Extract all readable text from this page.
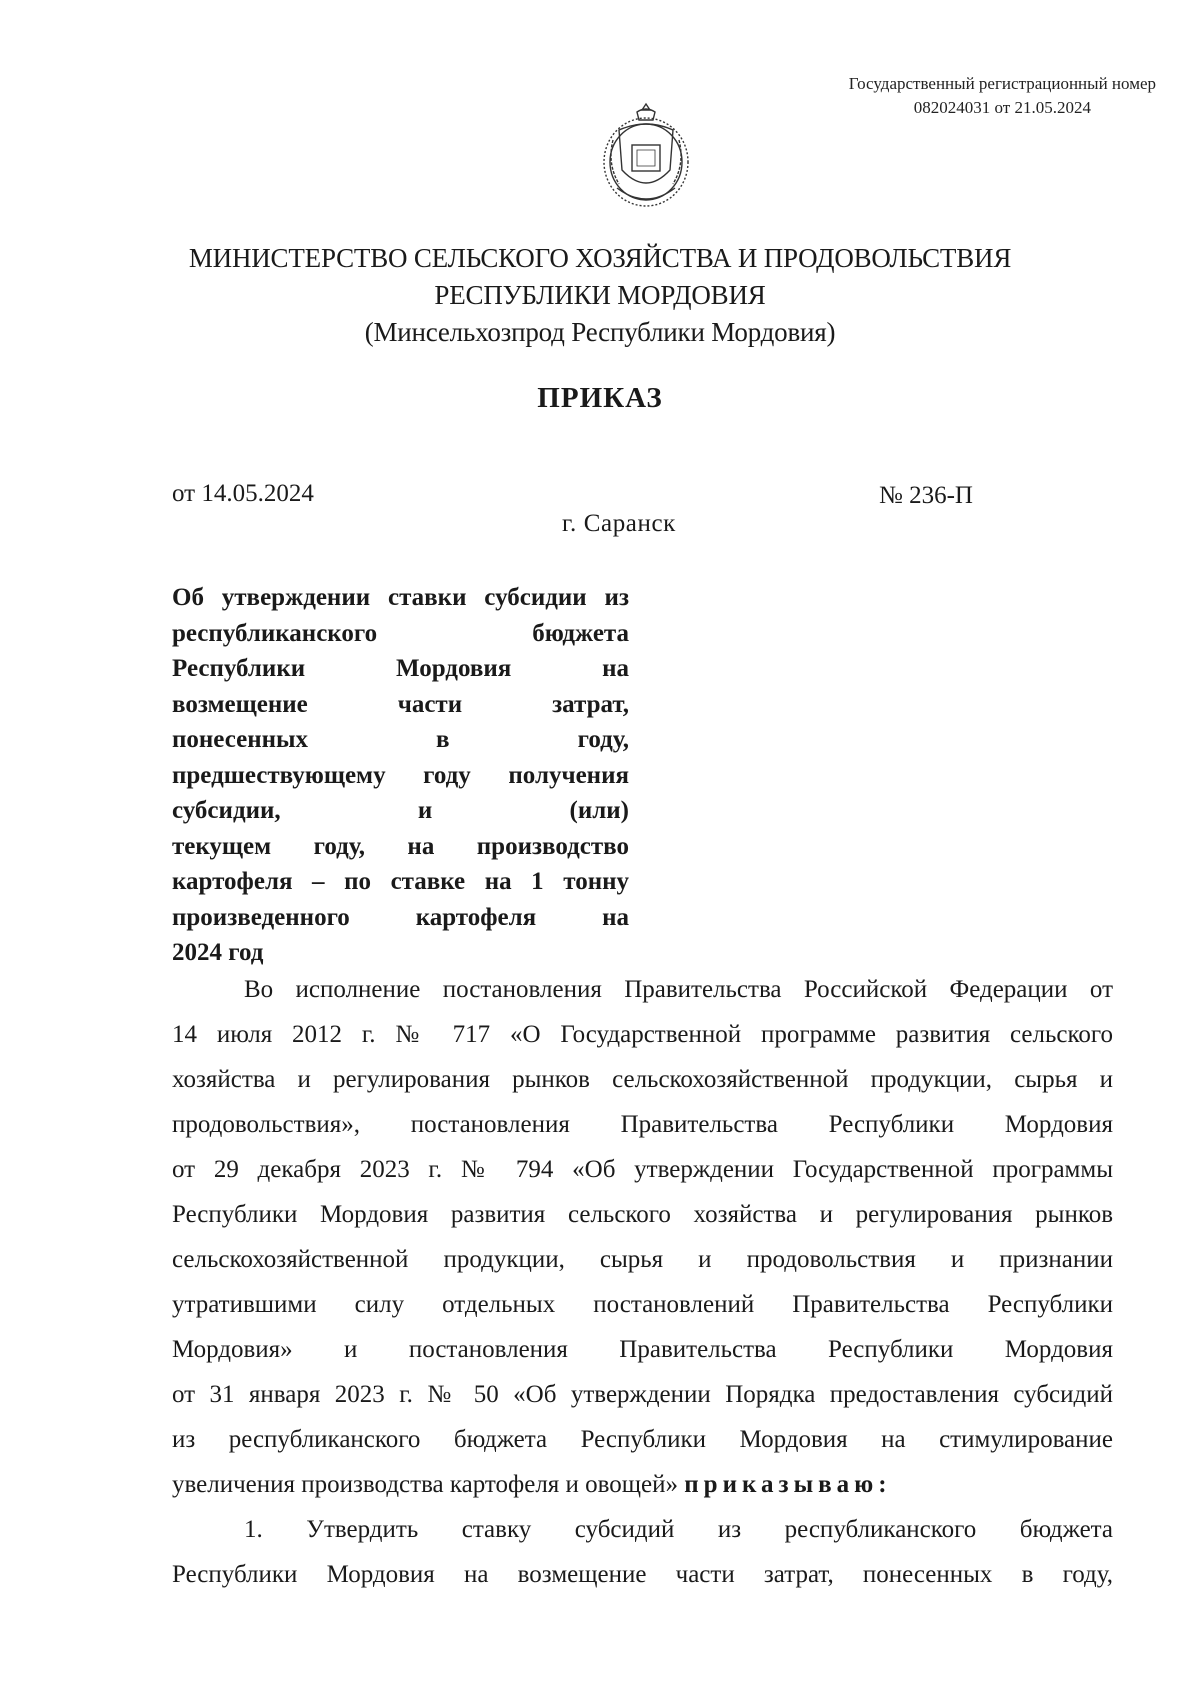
Государственный регистрационный номер
082024031 от 21.05.2024
МИНИСТЕРСТВО СЕЛЬСКОГО ХОЗЯЙСТВА И ПРОДОВОЛЬСТВИЯ
РЕСПУБЛИКИ МОРДОВИЯ
(Минсельхозпрод Республики Мордовия)
ПРИКАЗ
от 14.05.2024	№ 236-П
г. Саранск
Об утверждении ставки субсидии из
республиканского бюджета
Республики Мордовия на
возмещение части затрат,
понесенных в году,
предшествующему году получения
субсидии, и (или)
текущем году, на производство
картофеля – по ставке на 1 тонну
произведенного картофеля на
2024 год
Во исполнение постановления Правительства Российской Федерации от
14 июля 2012 г. № 717 «О Государственной программе развития сельского
хозяйства и регулирования рынков сельскохозяйственной продукции, сырья и
продовольствия», постановления Правительства Республики Мордовия
от 29 декабря 2023 г. № 794 «Об утверждении Государственной программы
Республики Мордовия развития сельского хозяйства и регулирования рынков
сельскохозяйственной продукции, сырья и продовольствия и признании
утратившими силу отдельных постановлений Правительства Республики
Мордовия» и постановления Правительства Республики Мордовия
от 31 января 2023 г. № 50 «Об утверждении Порядка предоставления субсидий
из республиканского бюджета Республики Мордовия на стимулирование
увеличения производства картофеля и овощей» приказываю:
1. Утвердить ставку субсидий из республиканского бюджета
Республики Мордовия на возмещение части затрат, понесенных в году,
